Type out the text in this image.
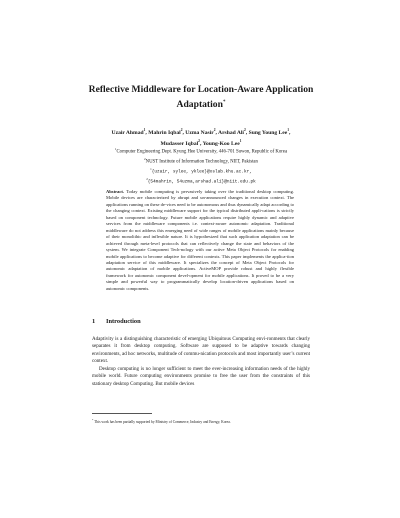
Reflective Middleware for Location-Aware Application Adaptation*
Uzair Ahmad$^1$, Mahrin Iqbal$^2$, Uzma Nasir$^2$, Arshad Ali$^2$, Sung Young Lee$^1$,
Mudasser Iqbal$^2$, Young-Koo Lee$^1$
$^1$Computer Engineering Dept. Kyung Hee University, 446-701 Suwon, Republic of Korea
$^2$NUST Institute of Information Technology, NIIT, Pakistan
$^1${uzair, sylee, yklee}@oslab.khu.ac.kr,
$^2${54mahrin, 54uzma,arshad.ali}@niit.edu.pk
Abstract. Today mobile computing is pervasively taking over the traditional desktop computing. Mobile devices are characterized by abrupt and un-announced changes in execution context. The applications running on these de-vices need to be autonomous and thus dynamically adapt according to the changing context. Existing middleware support for the typical distributed appli-cations is strictly based on component technology. Future mobile applications require highly dynamic and adaptive services from the middleware components i.e. context-aware autonomic adaptation. Traditional middleware do not address this emerging need of wide ranges of mobile applications mainly because of their monolithic and inflexible nature. It is hypothesized that such application adaptation can be achieved through meta-level protocols that can reflectively change the state and behaviors of the system. We integrate Component Tech-nology with our active Meta Object Protocols for enabling mobile applications to become adaptive for different contexts. This paper implements the applica-tion adaptation service of this middleware. It specializes the concept of Meta Object Protocols for autonomic adaptation of mobile applications. ActiveMOP provide robust and highly flexible framework for autonomic component devel-opment for mobile applications. It proved to be a very simple and powerful way to programmatically develop location-driven applications based on autonomic components.
1 Introduction

Adaptivity is a distinguishing characteristic of emerging Ubiquitous Computing envi-ronments that clearly separates it from desktop computing. Software are supposed to be adaptive towards changing environments, ad hoc networks, multitude of commu-nication protocols and most importantly user’s current context.

Desktop computing is no longer sufficient to meet the ever-increasing information needs of the highly mobile world. Future computing environments promise to free the user from the constraints of this stationary desktop Computing. But mobile devices

* This work has been partially supported by Ministry of Commerce, Industry and Energy, Korea.
